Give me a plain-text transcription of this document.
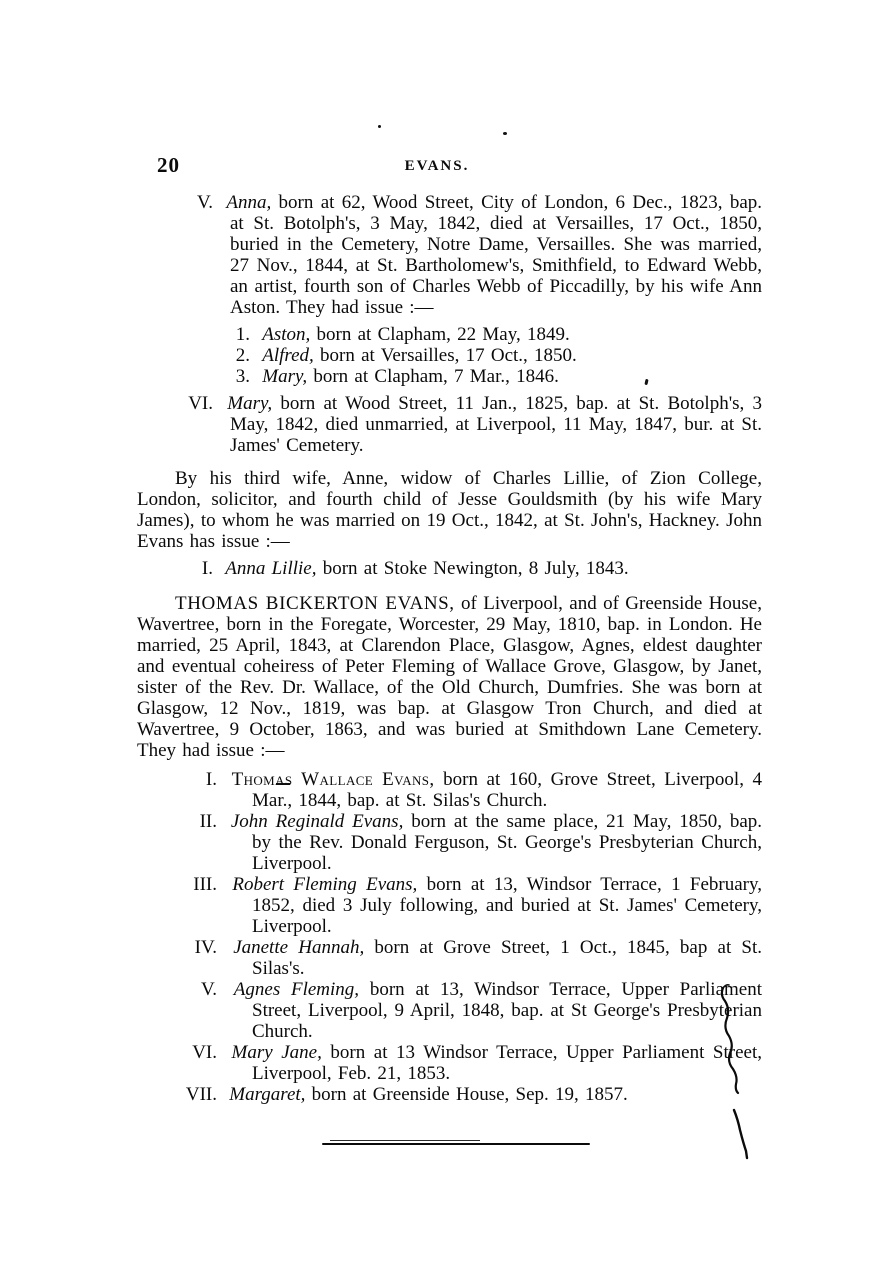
20	EVANS.
V. Anna, born at 62, Wood Street, City of London, 6 Dec., 1823, bap. at St. Botolph's, 3 May, 1842, died at Versailles, 17 Oct., 1850, buried in the Cemetery, Notre Dame, Versailles. She was married, 27 Nov., 1844, at St. Bartholomew's, Smithfield, to Edward Webb, an artist, fourth son of Charles Webb of Piccadilly, by his wife Ann Aston. They had issue :—
1. Aston, born at Clapham, 22 May, 1849.
2. Alfred, born at Versailles, 17 Oct., 1850.
3. Mary, born at Clapham, 7 Mar., 1846.
VI. Mary, born at Wood Street, 11 Jan., 1825, bap. at St. Botolph's, 3 May, 1842, died unmarried, at Liverpool, 11 May, 1847, bur. at St. James' Cemetery.

By his third wife, Anne, widow of Charles Lillie, of Zion College, London, solicitor, and fourth child of Jesse Gouldsmith (by his wife Mary James), to whom he was married on 19 Oct., 1842, at St. John's, Hackney. John Evans has issue :—

I. Anna Lillie, born at Stoke Newington, 8 July, 1843.

THOMAS BICKERTON EVANS, of Liverpool, and of Greenside House, Wavertree, born in the Foregate, Worcester, 29 May, 1810, bap. in London. He married, 25 April, 1843, at Clarendon Place, Glasgow, Agnes, eldest daughter and eventual coheiress of Peter Fleming of Wallace Grove, Glasgow, by Janet, sister of the Rev. Dr. Wallace, of the Old Church, Dumfries. She was born at Glasgow, 12 Nov., 1819, was bap. at Glasgow Tron Church, and died at Wavertree, 9 October, 1863, and was buried at Smithdown Lane Cemetery. They had issue :—

I. Thomas Wallace Evans, born at 160, Grove Street, Liverpool, 4 Mar., 1844, bap. at St. Silas's Church.
II. John Reginald Evans, born at the same place, 21 May, 1850, bap. by the Rev. Donald Ferguson, St. George's Presbyterian Church, Liverpool.
III. Robert Fleming Evans, born at 13, Windsor Terrace, 1 February, 1852, died 3 July following, and buried at St. James' Cemetery, Liverpool.
IV. Janette Hannah, born at Grove Street, 1 Oct., 1845, bap at St. Silas's.
V. Agnes Fleming, born at 13, Windsor Terrace, Upper Parliament Street, Liverpool, 9 April, 1848, bap. at St George's Presbyterian Church.
VI. Mary Jane, born at 13 Windsor Terrace, Upper Parliament Street, Liverpool, Feb. 21, 1853.
VII. Margaret, born at Greenside House, Sep. 19, 1857.
